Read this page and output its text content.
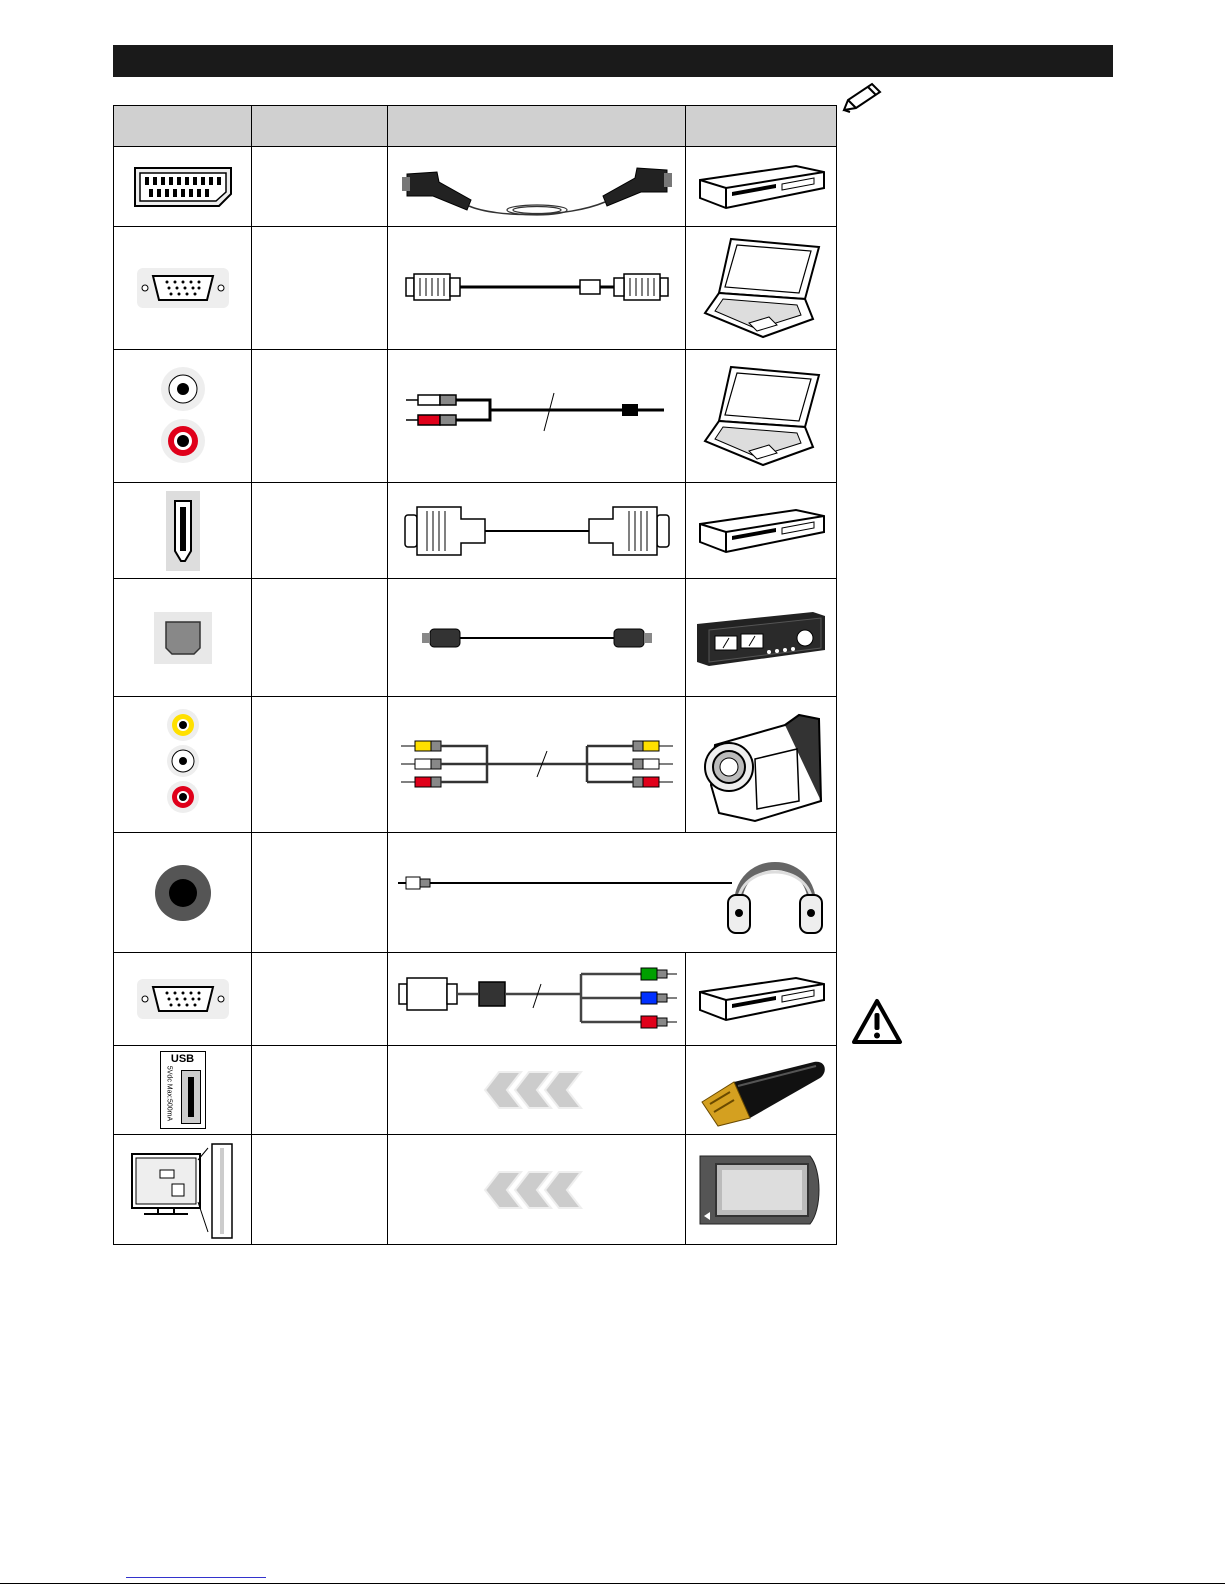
USB
5Vdc Max:500mA
